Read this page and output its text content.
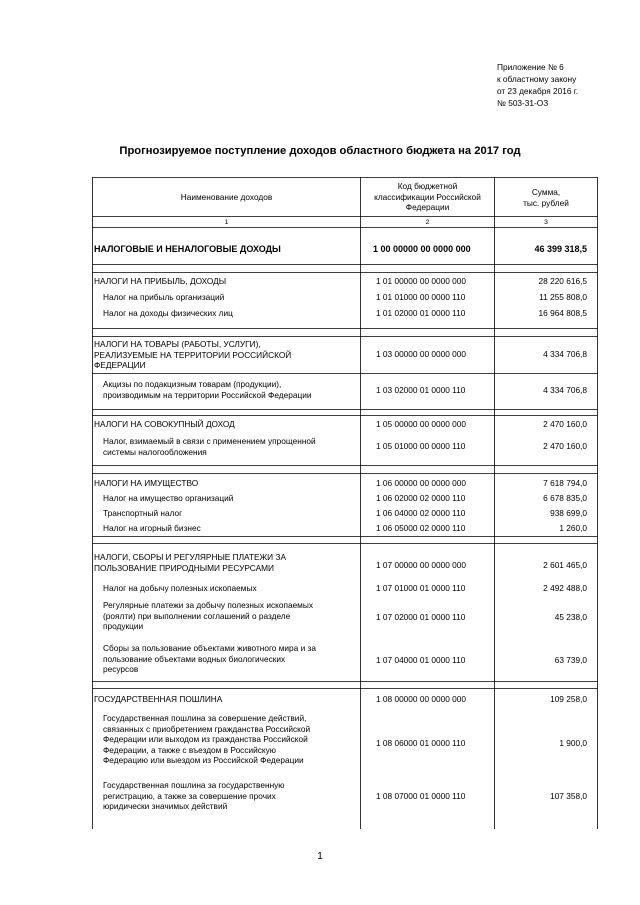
Приложение № 6
к областному закону
от 23 декабря 2016 г.
№ 503-31-ОЗ
Прогнозируемое поступление доходов областного бюджета на 2017 год
Наименование доходов
Код бюджетной
классификации Российской
Федерации
Сумма,
тыс. рублей
1	2	3
НАЛОГОВЫЕ И НЕНАЛОГОВЫЕ ДОХОДЫ	1 00 00000 00 0000 000	46 399 318,5
НАЛОГИ НА ПРИБЫЛЬ, ДОХОДЫ	1 01 00000 00 0000 000	28 220 616,5
Налог на прибыль организаций	1 01 01000 00 0000 110	11 255 808,0
Налог на доходы физических лиц	1 01 02000 01 0000 110	16 964 808,5
НАЛОГИ НА ТОВАРЫ (РАБОТЫ, УСЛУГИ),
РЕАЛИЗУЕМЫЕ НА ТЕРРИТОРИИ РОССИЙСКОЙ
ФЕДЕРАЦИИ
1 03 00000 00 0000 000	4 334 706,8
Акцизы по подакцизным товарам (продукции),
производимым на территории Российской Федерации	1 03 02000 01 0000 110	4 334 706,8
НАЛОГИ НА СОВОКУПНЫЙ ДОХОД	1 05 00000 00 0000 000	2 470 160,0
Налог, взимаемый в связи с применением упрощенной
системы налогообложения
1 05 01000 00 0000 110	2 470 160,0
НАЛОГИ НА ИМУЩЕСТВО	1 06 00000 00 0000 000	7 618 794,0
Налог на имущество организаций	1 06 02000 02 0000 110	6 678 835,0
Транспортный налог	1 06 04000 02 0000 110	938 699,0
Налог на игорный бизнес	1 06 05000 02 0000 110	1 260,0
НАЛОГИ, СБОРЫ И РЕГУЛЯРНЫЕ ПЛАТЕЖИ ЗА
ПОЛЬЗОВАНИЕ ПРИРОДНЫМИ РЕСУРСАМИ	1 07 00000 00 0000 000	2 601 465,0
Налог на добычу полезных ископаемых	1 07 01000 01 0000 110	2 492 488,0
Регулярные платежи за добычу полезных ископаемых
(роялти) при выполнении соглашений о разделе
продукции
1 07 02000 01 0000 110	45 238,0
Сборы за пользование объектами животного мира и за
пользование объектами водных биологических
ресурсов
1 07 04000 01 0000 110	63 739,0
ГОСУДАРСТВЕННАЯ ПОШЛИНА	1 08 00000 00 0000 000	109 258,0
Государственная пошлина за совершение действий,
связанных с приобретением гражданства Российской
Федерации или выходом из гражданства Российской
Федерации, а также с въездом в Российскую
Федерацию или выездом из Российской Федерации
1 08 06000 01 0000 110	1 900,0
Государственная пошлина за государственную
регистрацию, а также за совершение прочих
юридически значимых действий
1 08 07000 01 0000 110	107 358,0
1
